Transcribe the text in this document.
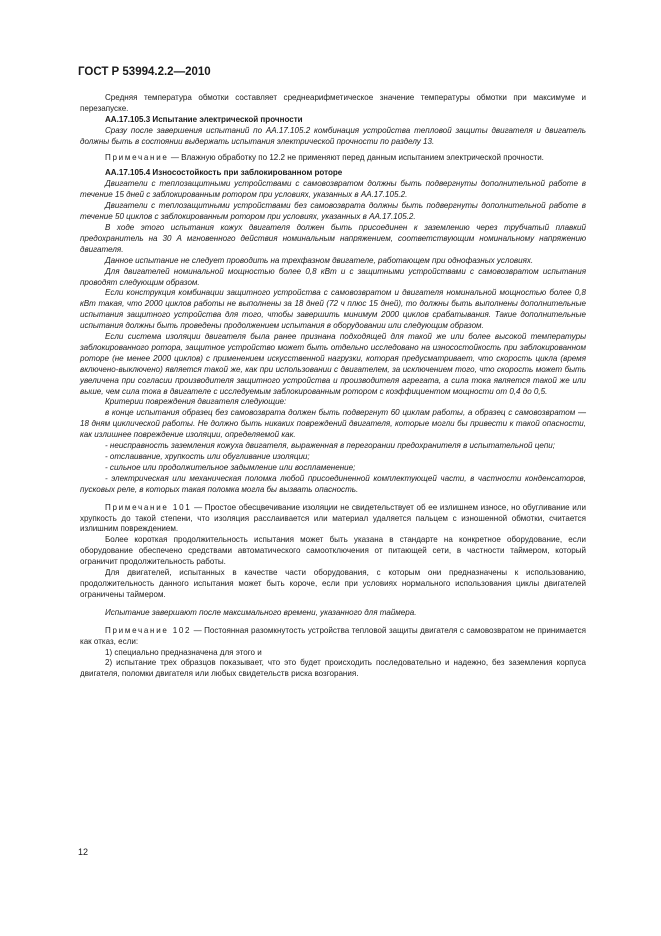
ГОСТ Р 53994.2.2—2010

Средняя температура обмотки составляет среднеарифметическое значение температуры обмотки при максимуме и перезапуске.

АА.17.105.3 Испытание электрической прочности

Сразу после завершения испытаний по АА.17.105.2 комбинация устройства тепловой защиты двигателя и двигатель должны быть в состоянии выдержать испытания электрической прочности по разделу 13.

Примечание — Влажную обработку по 12.2 не применяют перед данным испытанием электрической прочности.

АА.17.105.4 Износостойкость при заблокированном роторе

Двигатели с теплозащитными устройствами с самовозвратом должны быть подвергнуты дополнительной работе в течение 15 дней с заблокированным ротором при условиях, указанных в АА.17.105.2.

Двигатели с теплозащитными устройствами без самовозврата должны быть подвергнуты дополнительной работе в течение 50 циклов с заблокированным ротором при условиях, указанных в АА.17.105.2.

В ходе этого испытания кожух двигателя должен быть присоединен к заземлению через трубчатый плавкий предохранитель на 30 А мгновенного действия номинальным напряжением, соответствующим номинальному напряжению двигателя.

Данное испытание не следует проводить на трехфазном двигателе, работающем при однофазных условиях.

Для двигателей номинальной мощностью более 0,8 кВт и с защитными устройствами с самовозвратом испытания проводят следующим образом.

Если конструкция комбинации защитного устройства с самовозвратом и двигателя номинальной мощностью более 0,8 кВт такая, что 2000 циклов работы не выполнены за 18 дней (72 ч плюс 15 дней), то должны быть выполнены дополнительные испытания защитного устройства для того, чтобы завершить минимум 2000 циклов срабатывания. Такие дополнительные испытания должны быть проведены продолжением испытания в оборудовании или следующим образом.

Если система изоляции двигателя была ранее признана подходящей для такой же или более высокой температуры заблокированного ротора, защитное устройство может быть отдельно исследовано на износостойкость при заблокированном роторе (не менее 2000 циклов) с применением искусственной нагрузки, которая предусматривает, что скорость цикла (время включено-выключено) является такой же, как при использовании с двигателем, за исключением того, что скорость может быть увеличена при согласии производителя защитного устройства и производителя агрегата, а сила тока является такой же или выше, чем сила тока в двигателе с исследуемым заблокированным ротором с коэффициентом мощности от 0,4 до 0,5.

Критерии повреждения двигателя следующие:

в конце испытания образец без самовозврата должен быть подвергнут 60 циклам работы, а образец с самовозвратом — 18 дням циклической работы. Не должно быть никаких повреждений двигателя, которые могли бы привести к такой опасности, как излишнее повреждение изоляции, определяемой как.

- неисправность заземления кожуха двигателя, выраженная в перегорании предохранителя в испытательной цепи;

- отслаивание, хрупкость или обугливание изоляции;

- сильное или продолжительное задымление или воспламенение;

- электрическая или механическая поломка любой присоединенной комплектующей части, в частности конденсаторов, пусковых реле, в которых такая поломка могла бы вызвать опасность.

Примечание 101 — Простое обесцвечивание изоляции не свидетельствует об ее излишнем износе, но обугливание или хрупкость до такой степени, что изоляция расслаивается или материал удаляется пальцем с изношенной обмотки, считается излишним повреждением.

Более короткая продолжительность испытания может быть указана в стандарте на конкретное оборудование, если оборудование обеспечено средствами автоматического самоотключения от питающей сети, в частности таймером, который ограничит продолжительность работы.

Для двигателей, испытанных в качестве части оборудования, с которым они предназначены к использованию, продолжительность данного испытания может быть короче, если при условиях нормального использования циклы двигателей ограничены таймером.

Испытание завершают после максимального времени, указанного для таймера.

Примечание 102 — Постоянная разомкнутость устройства тепловой защиты двигателя с самовозвратом не принимается как отказ, если:

1) специально предназначена для этого и

2) испытание трех образцов показывает, что это будет происходить последовательно и надежно, без заземления корпуса двигателя, поломки двигателя или любых свидетельств риска возгорания.

12
